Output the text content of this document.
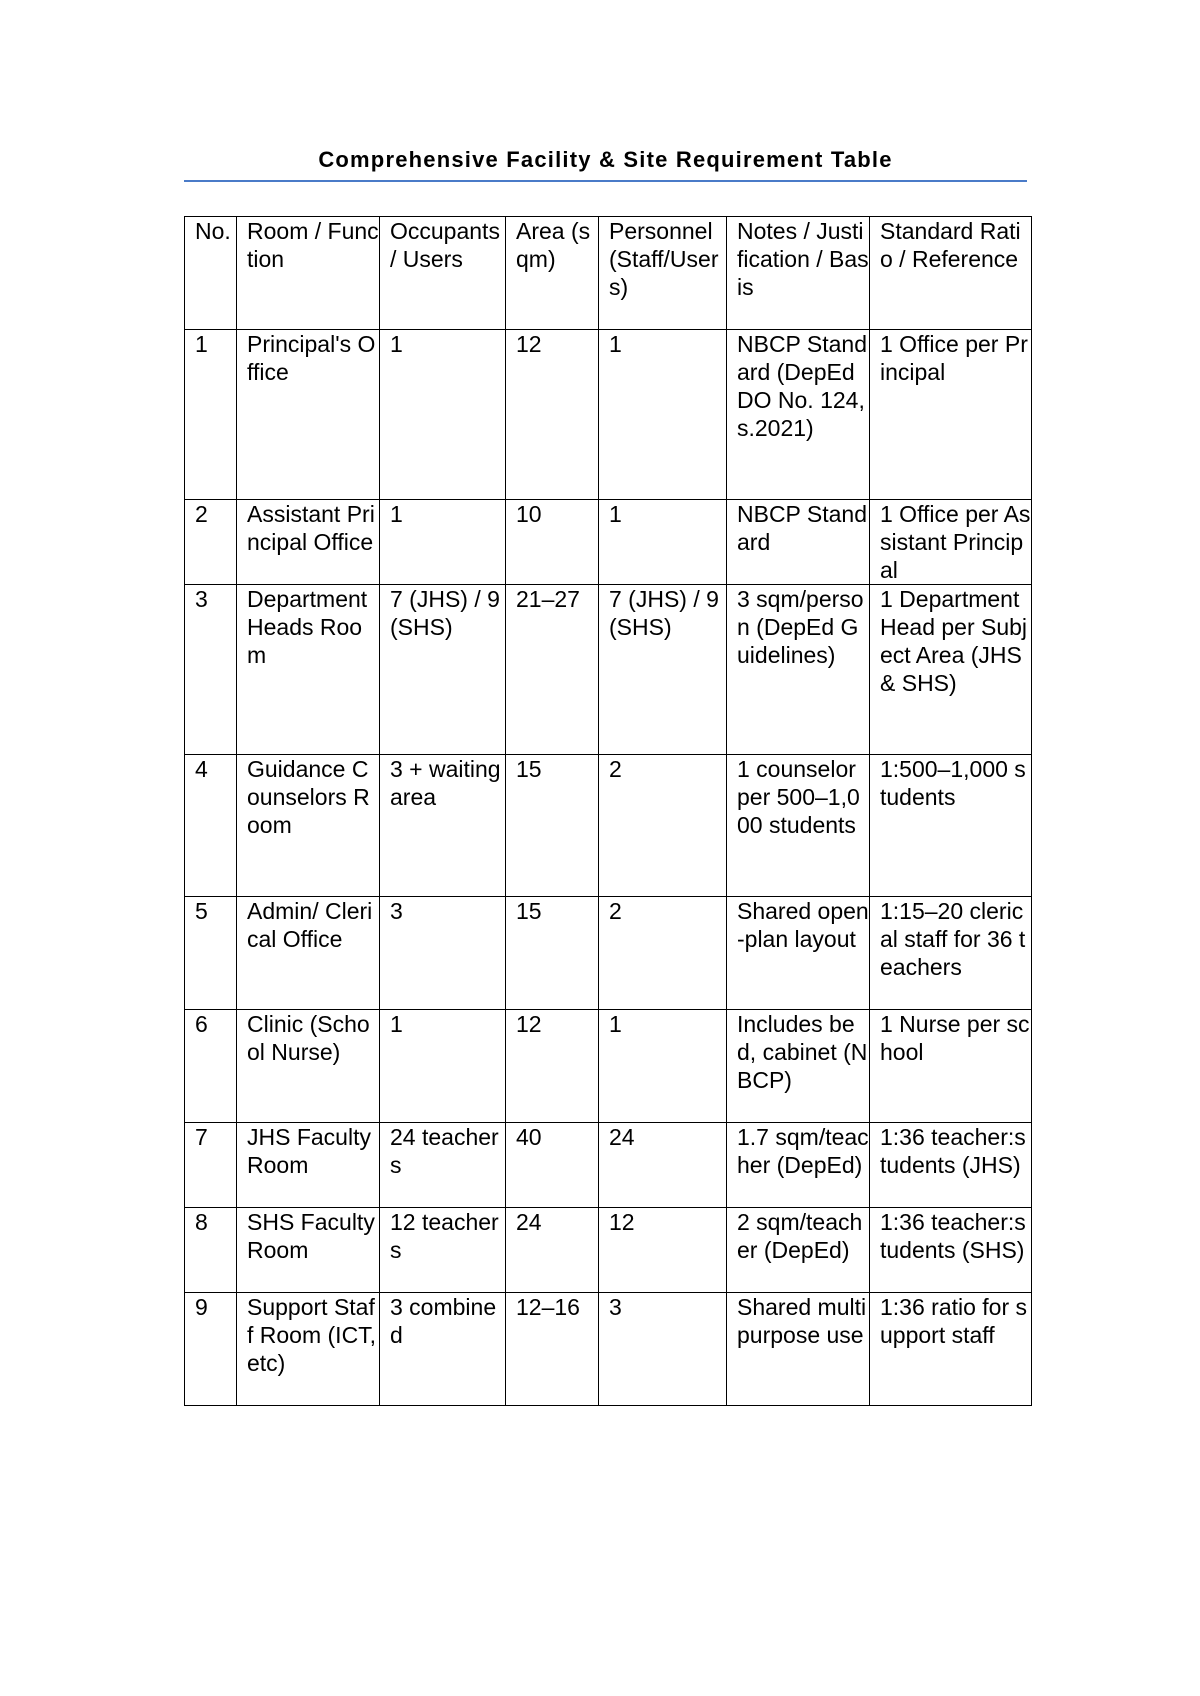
Comprehensive Facility & Site Requirement Table
No.	Room / Function	Occupants / Users	Area (sqm)	Personnel (Staff/Users)	Notes / Justification / Basis	Standard Ratio / Reference
1	Principal's Office	1	12	1	NBCP Standard (DepEd DO No. 124, s.2021)	1 Office per Principal
2	Assistant Principal Office	1	10	1	NBCP Standard	1 Office per Assistant Principal
3	Department Heads Room	7 (JHS) / 9 (SHS)	21–27	7 (JHS) / 9 (SHS)	3 sqm/person (DepEd Guidelines)	1 Department Head per Subject Area (JHS & SHS)
4	Guidance Counselors Room	3 + waiting area	15	2	1 counselor per 500–1,000 students	1:500–1,000 students
5	Admin/ Clerical Office	3	15	2	Shared open-plan layout	1:15–20 clerical staff for 36 teachers
6	Clinic (School Nurse)	1	12	1	Includes bed, cabinet (NBCP)	1 Nurse per school
7	JHS Faculty Room	24 teachers	40	24	1.7 sqm/teacher (DepEd)	1:36 teacher:students (JHS)
8	SHS Faculty Room	12 teachers	24	12	2 sqm/teacher (DepEd)	1:36 teacher:students (SHS)
9	Support Staff Room (ICT, etc)	3 combined	12–16	3	Shared multipurpose use	1:36 ratio for support staff
